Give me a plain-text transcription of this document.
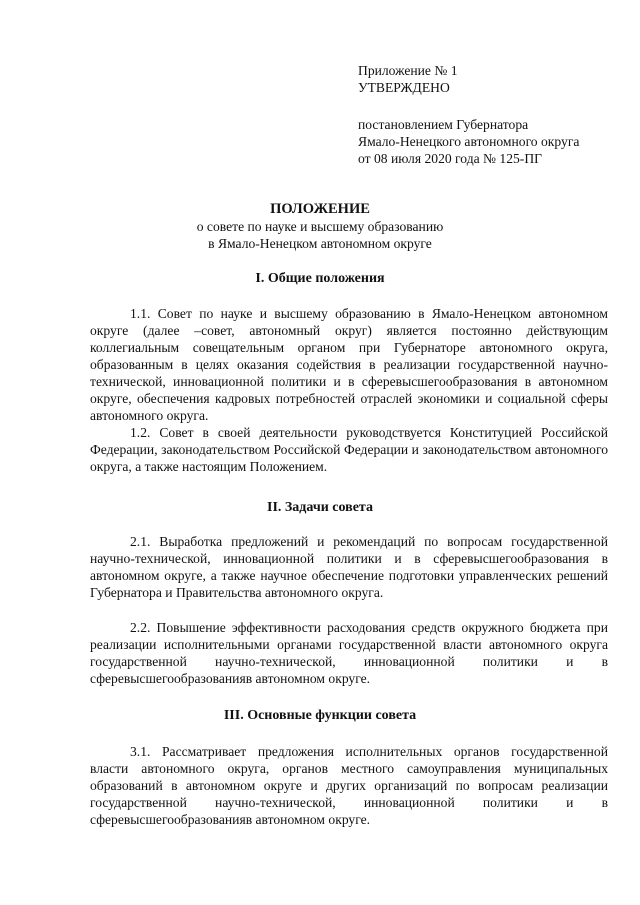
Приложение № 1
УТВЕРЖДЕНО
постановлением Губернатора
Ямало-Ненецкого автономного округа
от 08 июля 2020 года № 125-ПГ
ПОЛОЖЕНИЕ
о совете по науке и высшему образованию
в Ямало-Ненецком автономном округе
I. Общие положения
1.1. Совет по науке и высшему образованию в Ямало-Ненецком автономном округе (далее –совет, автономный округ) является постоянно действующим коллегиальным совещательным органом при Губернаторе автономного округа, образованным в целях оказания содействия в реализации государственной научно-технической, инновационной политики и в сферевысшегообразования в автономном округе, обеспечения кадровых потребностей отраслей экономики и социальной сферы автономного округа.
1.2. Совет в своей деятельности руководствуется Конституцией Российской Федерации, законодательством Российской Федерации и законодательством автономного округа, а также настоящим Положением.
II. Задачи совета
2.1. Выработка предложений и рекомендаций по вопросам государственной научно-технической, инновационной политики и в сферевысшегообразования в автономном округе, а также научное обеспечение подготовки управленческих решений Губернатора и Правительства автономного округа.
2.2. Повышение эффективности расходования средств окружного бюджета при реализации исполнительными органами государственной власти автономного округа государственной научно-технической, инновационной политики и в сферевысшегообразованияв автономном округе.
III. Основные функции совета
3.1. Рассматривает предложения исполнительных органов государственной власти автономного округа, органов местного самоуправления муниципальных образований в автономном округе и других организаций по вопросам реализации государственной научно-технической, инновационной политики и в сферевысшегообразованияв автономном округе.
